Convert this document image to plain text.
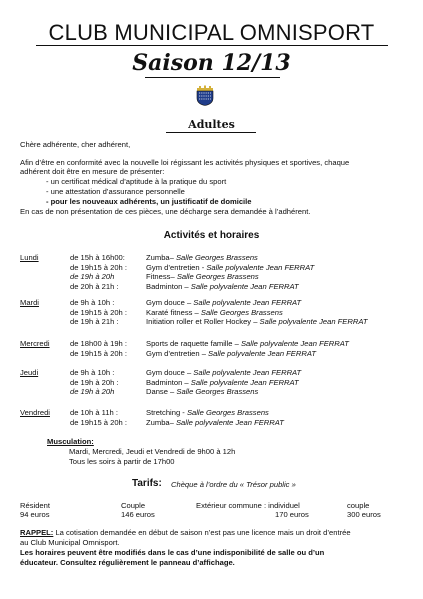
CLUB MUNICIPAL OMNISPORT
Saison 12/13
Adultes
Chère adhérente, cher adhérent,
Afin d’être en conformité avec la nouvelle loi régissant les activités physiques et sportives, chaque
adhérent doit être en mesure de présenter:
- un certificat médical d’aptitude à la pratique du sport
- une attestation d’assurance personnelle
- pour les nouveaux adhérents, un justificatif de domicile
En cas de non présentation de ces pièces, une décharge sera demandée à l’adhérent.
Activités et horaires
Lundi	de 15h à 16h00:	Zumba– Salle Georges Brassens
de 19h15 à 20h : Gym d’entretien - Salle polyvalente Jean FERRAT
de 19h à 20h	Fitness– Salle Georges Brassens
de 20h à 21h :	Badminton – Salle polyvalente Jean FERRAT
Mardi	de 9h à 10h :	Gym douce – Salle polyvalente Jean FERRAT
de 19h15 à 20h : Karaté fitness – Salle Georges Brassens
de 19h à 21h :	Initiation roller et Roller Hockey – Salle polyvalente Jean FERRAT
Mercredi	de 18h00 à 19h : Sports de raquette famille – Salle polyvalente Jean FERRAT
de 19h15 à 20h : Gym d’entretien – Salle polyvalente Jean FERRAT
Jeudi	de 9h à 10h :	Gym douce – Salle polyvalente Jean FERRAT
de 19h à 20h :	Badminton – Salle polyvalente Jean FERRAT
de 19h à 20h	Danse – Salle Georges Brassens
Vendredi	de 10h à 11h :	Stretching - Salle Georges Brassens
de 19h15 à 20h : Zumba– Salle polyvalente Jean FERRAT
Musculation:
Mardi, Mercredi, Jeudi et Vendredi de 9h00 à 12h
Tous les soirs à partir de 17h00
Tarifs: Chèque à l’ordre du « Trésor public »
Résident	Couple	Extérieur commune : individuel	couple
94 euros	146 euros	170 euros	300 euros
RAPPEL: La cotisation demandée en début de saison n’est pas une licence mais un droit d’entrée
au Club Municipal Omnisport.
Les horaires peuvent être modifiés dans le cas d’une indisponibilité de salle ou d’un
éducateur. Consultez régulièrement le panneau d’affichage.
